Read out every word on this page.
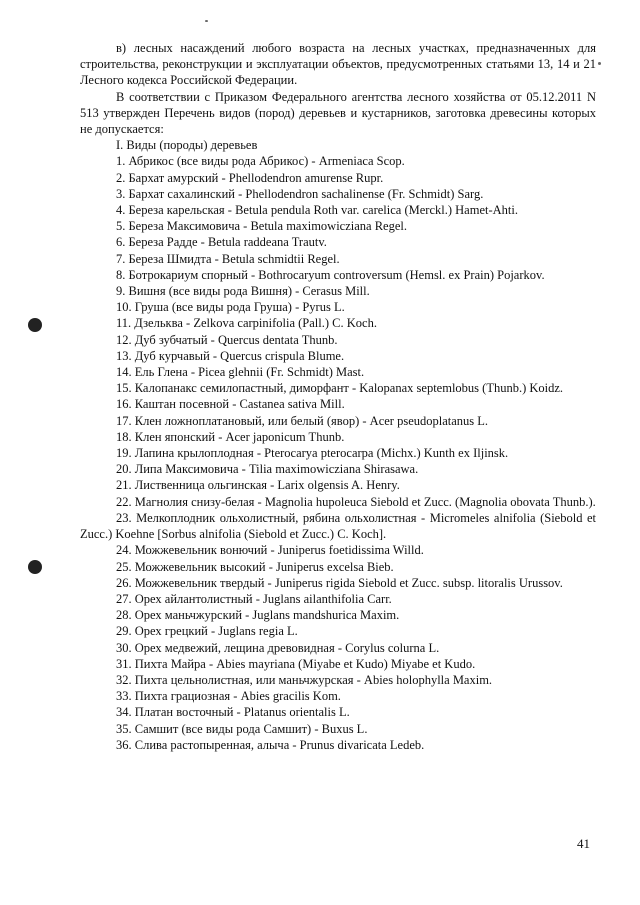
в) лесных насаждений любого возраста на лесных участках, предназначенных для строительства, реконструкции и эксплуатации объектов, предусмотренных статьями 13, 14 и 21 Лесного кодекса Российской Федерации.

В соответствии с Приказом Федерального агентства лесного хозяйства от 05.12.2011 N 513 утвержден Перечень видов (пород) деревьев и кустарников, заготовка древесины которых не допускается:

I. Виды (породы) деревьев

1. Абрикос (все виды рода Абрикос) - Armeniaca Scop.

2. Бархат амурский - Phellodendron amurense Rupr.

3. Бархат сахалинский - Phellodendron sachalinense (Fr. Schmidt) Sarg.

4. Береза карельская - Betula pendula Roth var. carelica (Merckl.) Hamet-Ahti.

5. Береза Максимовича - Betula maximowicziana Regel.

6. Береза Радде - Betula raddeana Trautv.

7. Береза Шмидта - Betula schmidtii Regel.

8. Ботрокариум спорный - Bothrocaryum controversum (Hemsl. ex Prain) Pojarkov.

9. Вишня (все виды рода Вишня) - Cerasus Mill.

10. Груша (все виды рода Груша) - Pyrus L.

11. Дзельква - Zelkova carpinifolia (Pall.) C. Koch.

12. Дуб зубчатый - Quercus dentata Thunb.

13. Дуб курчавый - Quercus crispula Blume.

14. Ель Глена - Picea glehnii (Fr. Schmidt) Mast.

15. Калопанакс семилопастный, диморфант - Kalopanax septemlobus (Thunb.) Koidz.

16. Каштан посевной - Castanea sativa Mill.

17. Клен ложноплатановый, или белый (явор) - Acer pseudoplatanus L.

18. Клен японский - Acer japonicum Thunb.

19. Лапина крылоплодная - Pterocarya pterocarpa (Michx.) Kunth ex Iljinsk.

20. Липа Максимовича - Tilia maximowicziana Shirasawa.

21. Лиственница ольгинская - Larix olgensis A. Henry.

22. Магнолия снизу-белая - Magnolia hupoleuca Siebold et Zucc. (Magnolia obovata Thunb.).

23. Мелкоплодник ольхолистный, рябина ольхолистная - Micromeles alnifolia (Siebold et Zucc.) Koehne [Sorbus alnifolia (Siebold et Zucc.) C. Koch].

24. Можжевельник вонючий - Juniperus foetidissima Willd.

25. Можжевельник высокий - Juniperus excelsa Bieb.

26. Можжевельник твердый - Juniperus rigida Siebold et Zucc. subsp. litoralis Urussov.

27. Орех айлантолистный - Juglans ailanthifolia Carr.

28. Орех маньчжурский - Juglans mandshurica Maxim.

29. Орех грецкий - Juglans regia L.

30. Орех медвежий, лещина древовидная - Corylus colurna L.

31. Пихта Майра - Abies mayriana (Miyabe et Kudo) Miyabe et Kudo.

32. Пихта цельнолистная, или маньчжурская - Abies holophylla Maxim.

33. Пихта грациозная - Abies gracilis Kom.

34. Платан восточный - Platanus orientalis L.

35. Самшит (все виды рода Самшит) - Buxus L.

36. Слива растопыренная, алыча - Prunus divaricata Ledeb.

41
